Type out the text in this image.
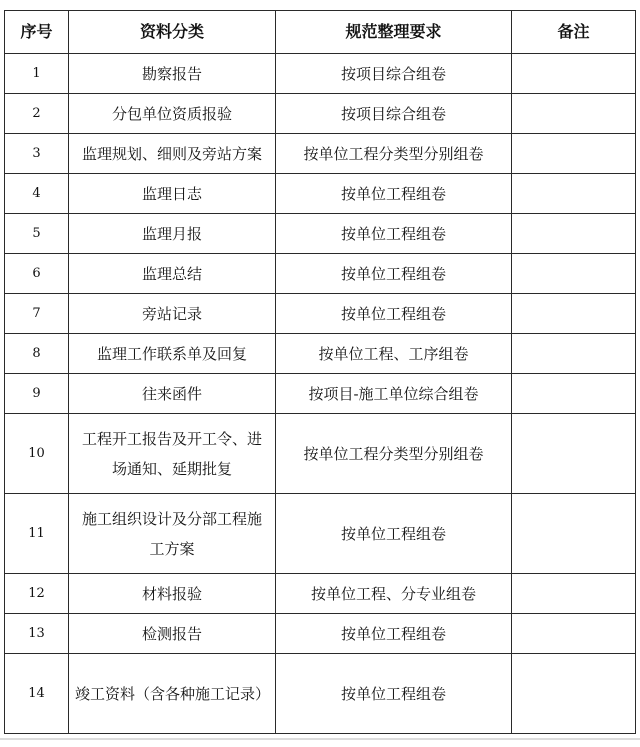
序号	资料分类	规范整理要求	备注
1	勘察报告	按项目综合组卷	
2	分包单位资质报验	按项目综合组卷	
3	监理规划、细则及旁站方案	按单位工程分类型分别组卷	
4	监理日志	按单位工程组卷	
5	监理月报	按单位工程组卷	
6	监理总结	按单位工程组卷	
7	旁站记录	按单位工程组卷	
8	监理工作联系单及回复	按单位工程、工序组卷	
9	往来函件	按项目-施工单位综合组卷	
10	工程开工报告及开工令、进场通知、延期批复	按单位工程分类型分别组卷	
11	施工组织设计及分部工程施工方案	按单位工程组卷	
12	材料报验	按单位工程、分专业组卷	
13	检测报告	按单位工程组卷	
14	竣工资料（含各种施工记录）	按单位工程组卷	
